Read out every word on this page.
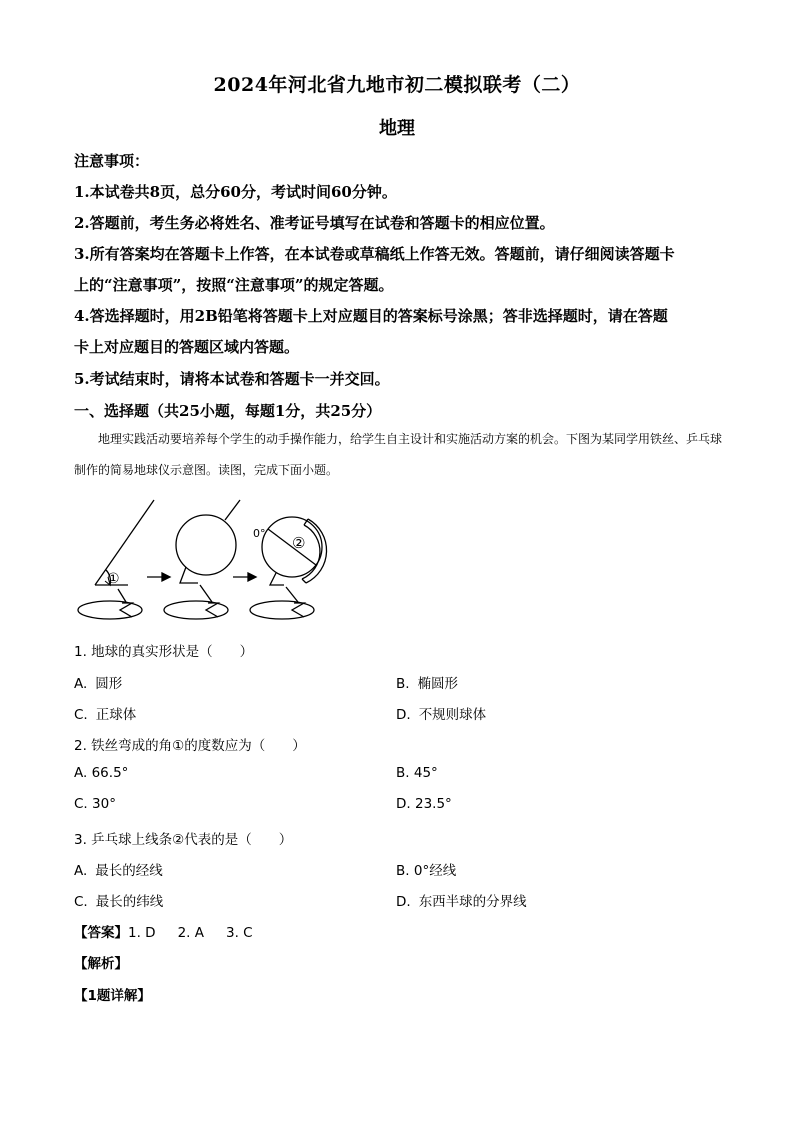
2024年河北省九地市初二模拟联考（二）
地理
注意事项：
1.本试卷共8页，总分60分，考试时间60分钟。
2.答题前，考生务必将姓名、准考证号填写在试卷和答题卡的相应位置。
3.所有答案均在答题卡上作答，在本试卷或草稿纸上作答无效。答题前，请仔细阅读答题卡
上的“注意事项”，按照“注意事项”的规定答题。
4.答选择题时，用2B铅笔将答题卡上对应题目的答案标号涂黑；答非选择题时，请在答题
卡上对应题目的答题区域内答题。
5.考试结束时，请将本试卷和答题卡一并交回。
一、选择题（共25小题，每题1分，共25分）
地理实践活动要培养每个学生的动手操作能力，给学生自主设计和实施活动方案的机会。下图为某同学用铁丝、乒乓球制作的简易地球仪示意图。读图，完成下面小题。
①
0°
②
1. 地球的真实形状是（　　）
A. 圆形	B. 椭圆形
C. 正球体	D. 不规则球体
2. 铁丝弯成的角①的度数应为（　　）
A. 66.5°	B. 45°
C. 30°	D. 23.5°
3. 乒乓球上线条②代表的是（　　）
A. 最长的经线	B. 0°经线
C. 最长的纬线	D. 东西半球的分界线
【答案】1. D 2. A 3. C
【解析】
【1题详解】
